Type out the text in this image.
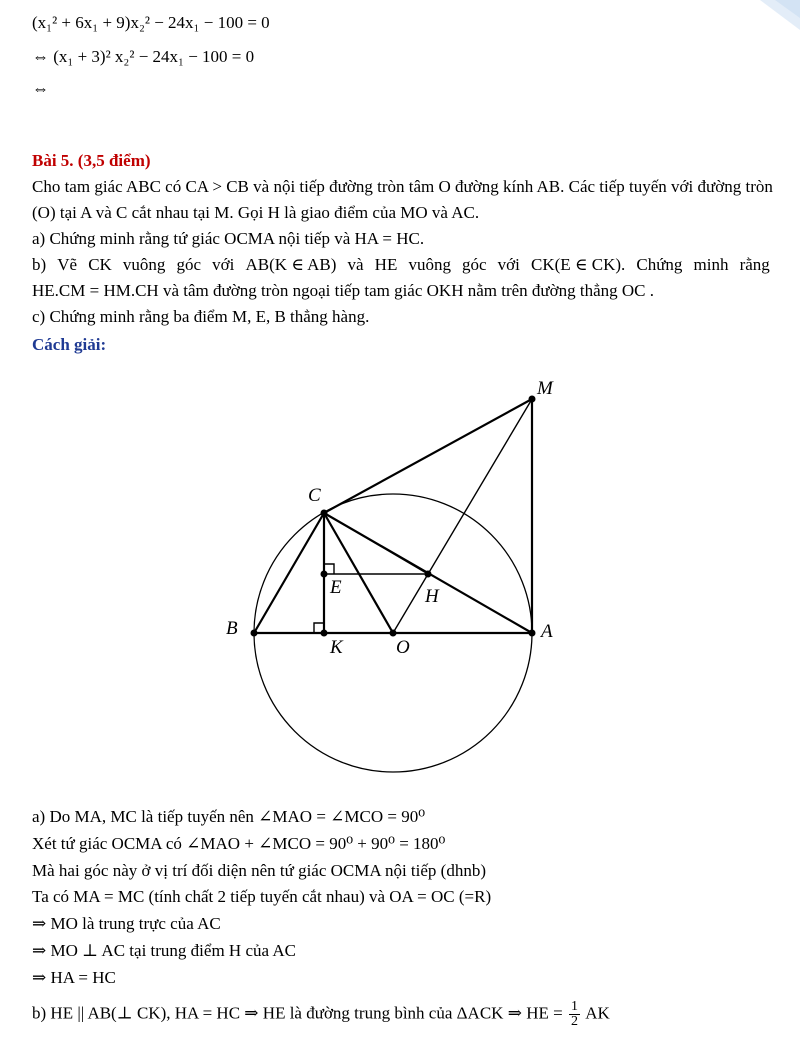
(x₁² + 6x₁ + 9)x₂² − 24x₁ − 100 = 0
⇔ (x₁ + 3)² x₂² − 24x₁ − 100 = 0
⇔
Bài 5. (3,5 điểm)
Cho tam giác ABC có CA > CB và nội tiếp đường tròn tâm O đường kính AB. Các tiếp tuyến với đường tròn
(O) tại A và C cắt nhau tại M. Gọi H là giao điểm của MO và AC.
a) Chứng minh rằng tứ giác OCMA nội tiếp và HA = HC.
b) Vẽ CK vuông góc với AB(K ∈ AB) và HE vuông góc với CK(E ∈ CK). Chứng minh rằng
HE.CM = HM.CH và tâm đường tròn ngoại tiếp tam giác OKH nằm trên đường thẳng OC .
c) Chứng minh rằng ba điểm M, E, B thẳng hàng.
Cách giải:
M
C
E	H
B
K	O
A
a) Do MA, MC là tiếp tuyến nên ∠MAO = ∠MCO = 90⁰
Xét tứ giác OCMA có ∠MAO + ∠MCO = 90⁰ + 90⁰ = 180⁰
Mà hai góc này ở vị trí đối diện nên tứ giác OCMA nội tiếp (dhnb)
Ta có MA = MC (tính chất 2 tiếp tuyến cắt nhau) và OA = OC (=R)
⇒ MO là trung trực của AC
⇒ MO ⊥ AC tại trung điểm H của AC
⇒ HA = HC
b) HE || AB(⊥ CK), HA = HC ⇒ HE là đường trung bình của ΔACK ⇒ HE = $\frac{1}{2}$ AK
